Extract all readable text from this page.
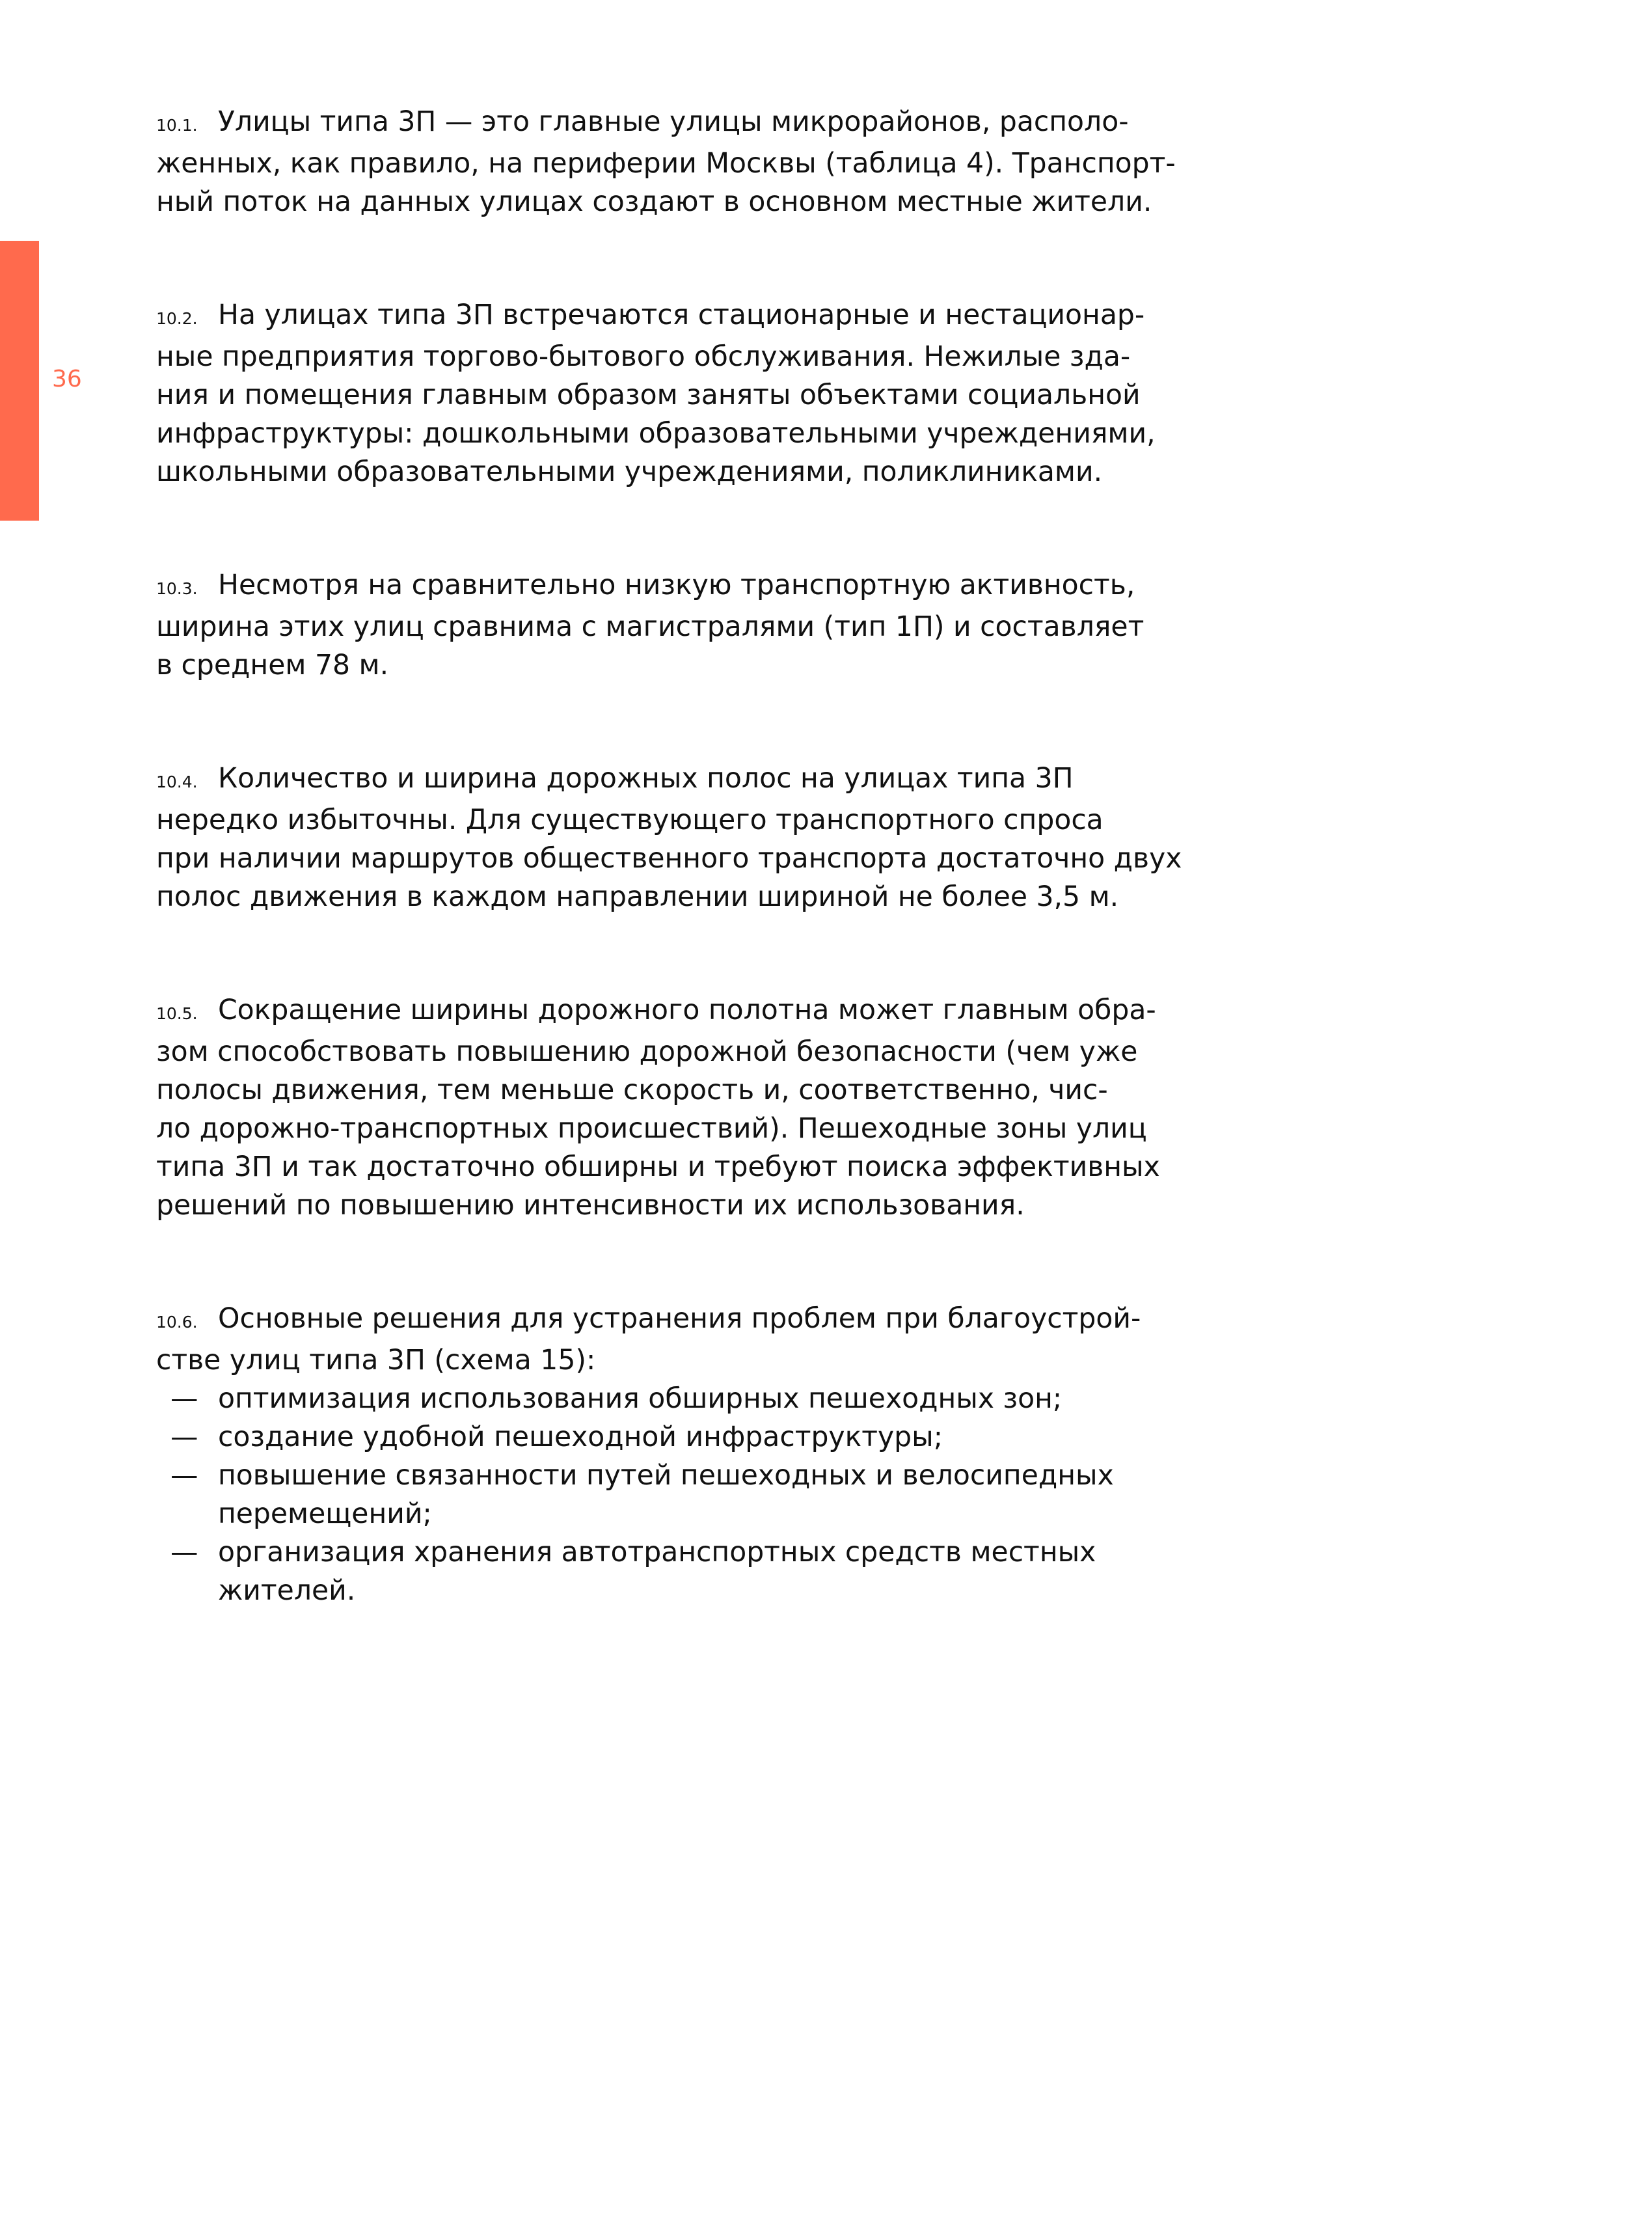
36
10.1. Улицы типа 3П — это главные улицы микрорайонов, располо-
женных, как правило, на периферии Москвы (таблица 4). Транспорт-
ный поток на данных улицах создают в основном местные жители.
10.2. На улицах типа 3П встречаются стационарные и нестационар-
ные предприятия торгово-бытового обслуживания. Нежилые зда-
ния и помещения главным образом заняты объектами социальной
инфраструктуры: дошкольными образовательными учреждениями,
школьными образовательными учреждениями, поликлиниками.
10.3. Несмотря на сравнительно низкую транспортную активность,
ширина этих улиц сравнима с магистралями (тип 1П) и составляет
в среднем 78 м.
10.4. Количество и ширина дорожных полос на улицах типа 3П
нередко избыточны. Для существующего транспортного спроса
при наличии маршрутов общественного транспорта достаточно двух
полос движения в каждом направлении шириной не более 3,5 м.
10.5. Сокращение ширины дорожного полотна может главным обра-
зом способствовать повышению дорожной безопасности (чем уже
полосы движения, тем меньше скорость и, соответственно, чис-
ло дорожно-транспортных происшествий). Пешеходные зоны улиц
типа 3П и так достаточно обширны и требуют поиска эффективных
решений по повышению интенсивности их использования.
10.6. Основные решения для устранения проблем при благоустрой-
стве улиц типа 3П (схема 15):
— оптимизация использования обширных пешеходных зон;
— создание удобной пешеходной инфраструктуры;
— повышение связанности путей пешеходных и велосипедных
перемещений;
— организация хранения автотранспортных средств местных
жителей.
